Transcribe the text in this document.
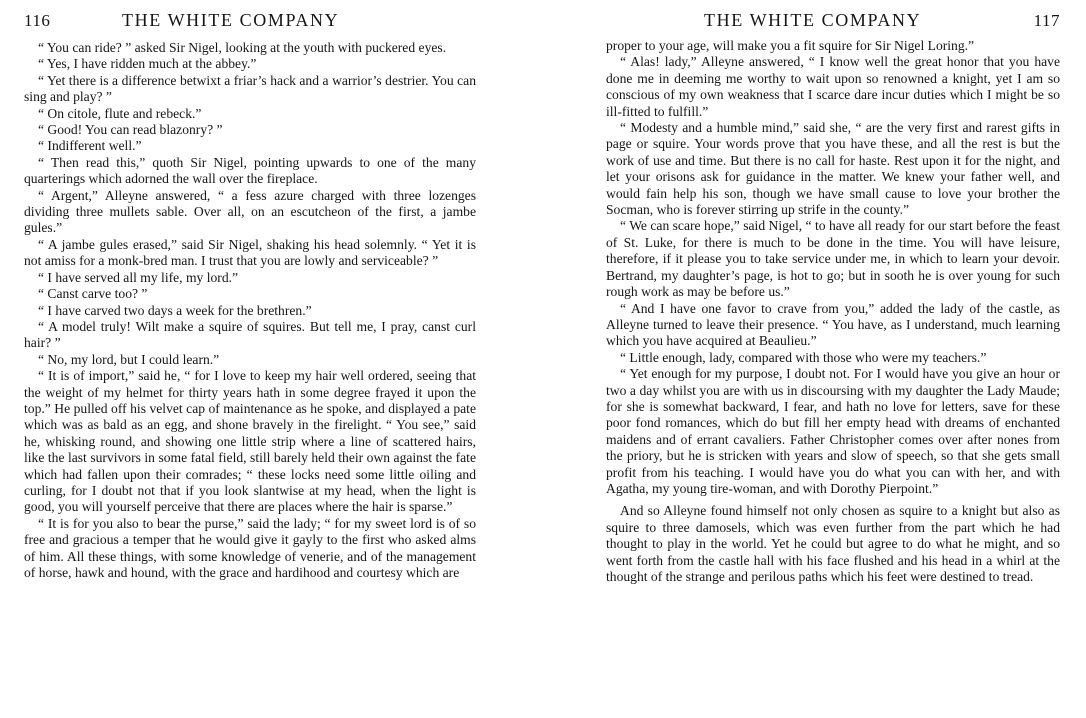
116	THE WHITE COMPANY

“ You can ride? ” asked Sir Nigel, looking at the youth with puckered eyes.

“ Yes, I have ridden much at the abbey.”

“ Yet there is a difference betwixt a friar’s hack and a warrior’s destrier. You can sing and play? ”

“ On citole, flute and rebeck.”

“ Good! You can read blazonry? ”

“ Indifferent well.”

“ Then read this,” quoth Sir Nigel, pointing upwards to one of the many quarterings which adorned the wall over the fireplace.

“ Argent,” Alleyne answered, “ a fess azure charged with three lozenges dividing three mullets sable. Over all, on an escutcheon of the first, a jambe gules.”

“ A jambe gules erased,” said Sir Nigel, shaking his head solemnly. “ Yet it is not amiss for a monk-bred man. I trust that you are lowly and serviceable? ”

“ I have served all my life, my lord.”

“ Canst carve too? ”

“ I have carved two days a week for the brethren.”

“ A model truly! Wilt make a squire of squires. But tell me, I pray, canst curl hair? ”

“ No, my lord, but I could learn.”

“ It is of import,” said he, “ for I love to keep my hair well ordered, seeing that the weight of my helmet for thirty years hath in some degree frayed it upon the top.” He pulled off his velvet cap of maintenance as he spoke, and displayed a pate which was as bald as an egg, and shone bravely in the firelight. “ You see,” said he, whisking round, and showing one little strip where a line of scattered hairs, like the last survivors in some fatal field, still barely held their own against the fate which had fallen upon their comrades; “ these locks need some little oiling and curling, for I doubt not that if you look slantwise at my head, when the light is good, you will yourself perceive that there are places where the hair is sparse.”

“ It is for you also to bear the purse,” said the lady; “ for my sweet lord is of so free and gracious a temper that he would give it gayly to the first who asked alms of him. All these things, with some knowledge of venerie, and of the management of horse, hawk and hound, with the grace and hardihood and courtesy which are

THE WHITE COMPANY	117

proper to your age, will make you a fit squire for Sir Nigel Loring.”

“ Alas! lady,” Alleyne answered, “ I know well the great honor that you have done me in deeming me worthy to wait upon so renowned a knight, yet I am so conscious of my own weakness that I scarce dare incur duties which I might be so ill-fitted to fulfill.”

“ Modesty and a humble mind,” said she, “ are the very first and rarest gifts in page or squire. Your words prove that you have these, and all the rest is but the work of use and time. But there is no call for haste. Rest upon it for the night, and let your orisons ask for guidance in the matter. We knew your father well, and would fain help his son, though we have small cause to love your brother the Socman, who is forever stirring up strife in the county.”

“ We can scare hope,” said Nigel, “ to have all ready for our start before the feast of St. Luke, for there is much to be done in the time. You will have leisure, therefore, if it please you to take service under me, in which to learn your devoir. Bertrand, my daughter’s page, is hot to go; but in sooth he is over young for such rough work as may be before us.”

“ And I have one favor to crave from you,” added the lady of the castle, as Alleyne turned to leave their presence. “ You have, as I understand, much learning which you have acquired at Beaulieu.”

“ Little enough, lady, compared with those who were my teachers.”

“ Yet enough for my purpose, I doubt not. For I would have you give an hour or two a day whilst you are with us in discoursing with my daughter the Lady Maude; for she is somewhat backward, I fear, and hath no love for letters, save for these poor fond romances, which do but fill her empty head with dreams of enchanted maidens and of errant cavaliers. Father Christopher comes over after nones from the priory, but he is stricken with years and slow of speech, so that she gets small profit from his teaching. I would have you do what you can with her, and with Agatha, my young tire-woman, and with Dorothy Pierpoint.”

And so Alleyne found himself not only chosen as squire to a knight but also as squire to three damosels, which was even further from the part which he had thought to play in the world. Yet he could but agree to do what he might, and so went forth from the castle hall with his face flushed and his head in a whirl at the thought of the strange and perilous paths which his feet were destined to tread.
